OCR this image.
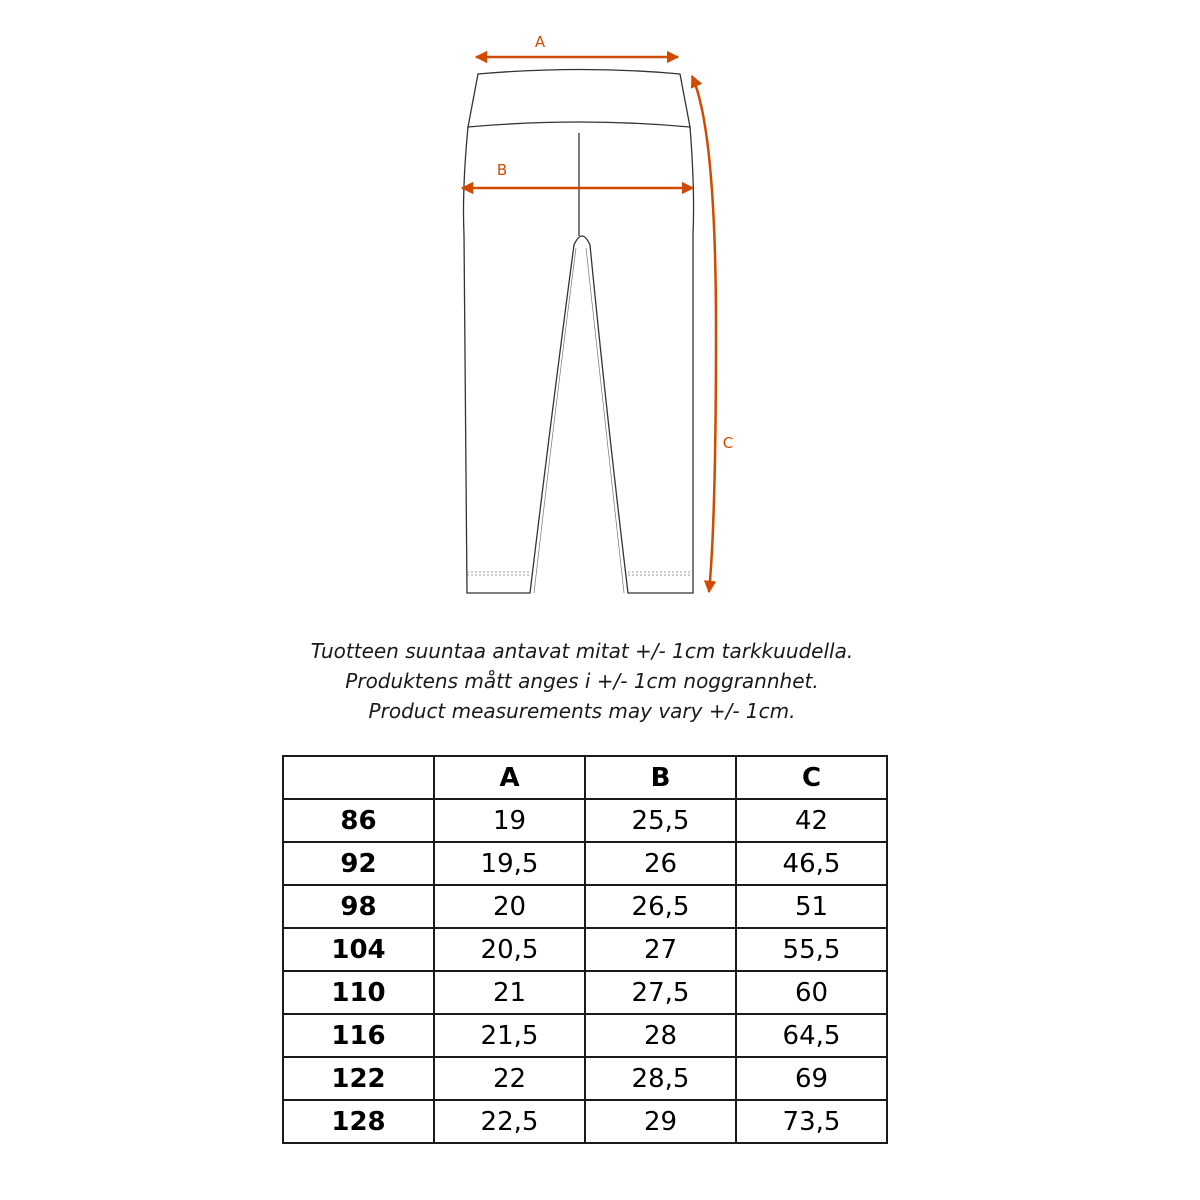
A
B
C
Tuotteen suuntaa antavat mitat +/- 1cm tarkkuudella.
Produktens mått anges i +/- 1cm noggrannhet.
Product measurements may vary +/- 1cm.
	A	B	C
86	19	25,5	42
92	19,5	26	46,5
98	20	26,5	51
104	20,5	27	55,5
110	21	27,5	60
116	21,5	28	64,5
122	22	28,5	69
128	22,5	29	73,5
